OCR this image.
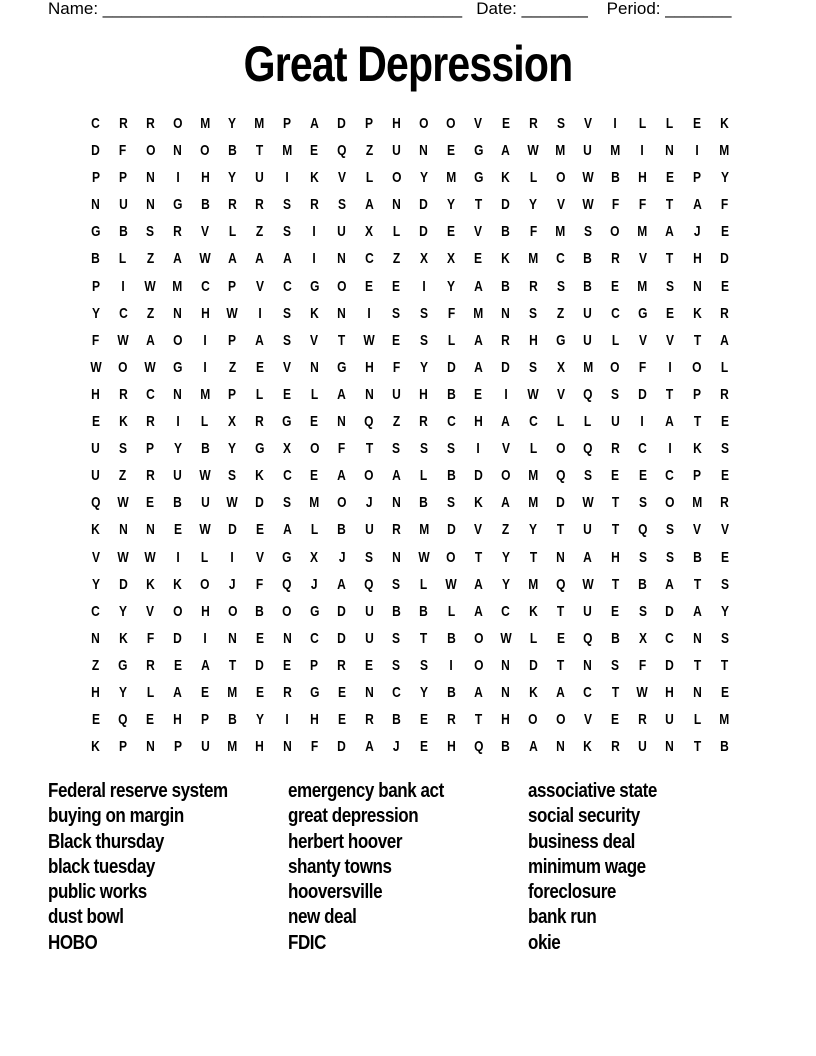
Name: ______________________________________   Date: _______    Period: _______
Great Depression
C	R	R	O	M	Y	M	P	A	D	P	H	O	O	V	E	R	S	V	I	L	L	E	K
D	F	O	N	O	B	T	M	E	Q	Z	U	N	E	G	A	W	M	U	M	I	N	I	M
P	P	N	I	H	Y	U	I	K	V	L	O	Y	M	G	K	L	O	W	B	H	E	P	Y
N	U	N	G	B	R	R	S	R	S	A	N	D	Y	T	D	Y	V	W	F	F	T	A	F
G	B	S	R	V	L	Z	S	I	U	X	L	D	E	V	B	F	M	S	O	M	A	J	E
B	L	Z	A	W	A	A	A	I	N	C	Z	X	X	E	K	M	C	B	R	V	T	H	D
P	I	W	M	C	P	V	C	G	O	E	E	I	Y	A	B	R	S	B	E	M	S	N	E
Y	C	Z	N	H	W	I	S	K	N	I	S	S	F	M	N	S	Z	U	C	G	E	K	R
F	W	A	O	I	P	A	S	V	T	W	E	S	L	A	R	H	G	U	L	V	V	T	A
W	O	W	G	I	Z	E	V	N	G	H	F	Y	D	A	D	S	X	M	O	F	I	O	L
H	R	C	N	M	P	L	E	L	A	N	U	H	B	E	I	W	V	Q	S	D	T	P	R
E	K	R	I	L	X	R	G	E	N	Q	Z	R	C	H	A	C	L	L	U	I	A	T	E
U	S	P	Y	B	Y	G	X	O	F	T	S	S	S	I	V	L	O	Q	R	C	I	K	S
U	Z	R	U	W	S	K	C	E	A	O	A	L	B	D	O	M	Q	S	E	E	C	P	E
Q	W	E	B	U	W	D	S	M	O	J	N	B	S	K	A	M	D	W	T	S	O	M	R
K	N	N	E	W	D	E	A	L	B	U	R	M	D	V	Z	Y	T	U	T	Q	S	V	V
V	W	W	I	L	I	V	G	X	J	S	N	W	O	T	Y	T	N	A	H	S	S	B	E
Y	D	K	K	O	J	F	Q	J	A	Q	S	L	W	A	Y	M	Q	W	T	B	A	T	S
C	Y	V	O	H	O	B	O	G	D	U	B	B	L	A	C	K	T	U	E	S	D	A	Y
N	K	F	D	I	N	E	N	C	D	U	S	T	B	O	W	L	E	Q	B	X	C	N	S
Z	G	R	E	A	T	D	E	P	R	E	S	S	I	O	N	D	T	N	S	F	D	T	T
H	Y	L	A	E	M	E	R	G	E	N	C	Y	B	A	N	K	A	C	T	W	H	N	E
E	Q	E	H	P	B	Y	I	H	E	R	B	E	R	T	H	O	O	V	E	R	U	L	M
K	P	N	P	U	M	H	N	F	D	A	J	E	H	Q	B	A	N	K	R	U	N	T	B
Federal reserve system
buying on margin
Black thursday
black tuesday
public works
dust bowl
HOBO
emergency bank act
great depression
herbert hoover
shanty towns
hooversville
new deal
FDIC
associative state
social security
business deal
minimum wage
foreclosure
bank run
okie
